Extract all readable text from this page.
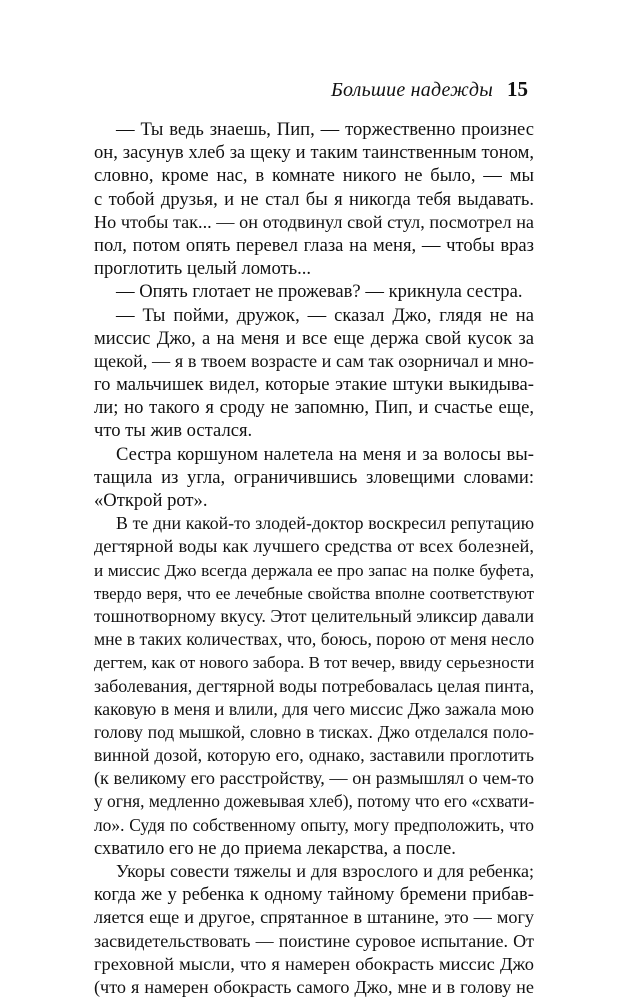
Большие надежды 15
— Ты ведь знаешь, Пип, — торжественно произнес
он, засунув хлеб за щеку и таким таинственным тоном,
словно, кроме нас, в комнате никого не было, — мы
с тобой друзья, и не стал бы я никогда тебя выдавать.
Но чтобы так... — он отодвинул свой стул, посмотрел на
пол, потом опять перевел глаза на меня, — чтобы враз
проглотить целый ломоть...
— Опять глотает не прожевав? — крикнула сестра.
— Ты пойми, дружок, — сказал Джо, глядя не на
миссис Джо, а на меня и все еще держа свой кусок за
щекой, — я в твоем возрасте и сам так озорничал и мно-
го мальчишек видел, которые этакие штуки выкидыва-
ли; но такого я сроду не запомню, Пип, и счастье еще,
что ты жив остался.
Сестра коршуном налетела на меня и за волосы вы-
тащила из угла, ограничившись зловещими словами:
«Открой рот».
В те дни какой-то злодей-доктор воскресил репутацию
дегтярной воды как лучшего средства от всех болезней,
и миссис Джо всегда держала ее про запас на полке буфета,
твердо веря, что ее лечебные свойства вполне соответствуют
тошнотворному вкусу. Этот целительный эликсир давали
мне в таких количествах, что, боюсь, порою от меня несло
дегтем, как от нового забора. В тот вечер, ввиду серьезности
заболевания, дегтярной воды потребовалась целая пинта,
каковую в меня и влили, для чего миссис Джо зажала мою
голову под мышкой, словно в тисках. Джо отделался поло-
винной дозой, которую его, однако, заставили проглотить
(к великому его расстройству, — он размышлял о чем-то
у огня, медленно дожевывая хлеб), потому что его «схвати-
ло». Судя по собственному опыту, могу предположить, что
схватило его не до приема лекарства, а после.
Укоры совести тяжелы и для взрослого и для ребенка;
когда же у ребенка к одному тайному бремени прибав-
ляется еще и другое, спрятанное в штанине, это — могу
засвидетельствовать — поистине суровое испытание. От
греховной мысли, что я намерен обокрасть миссис Джо
(что я намерен обокрасть самого Джо, мне и в голову не
